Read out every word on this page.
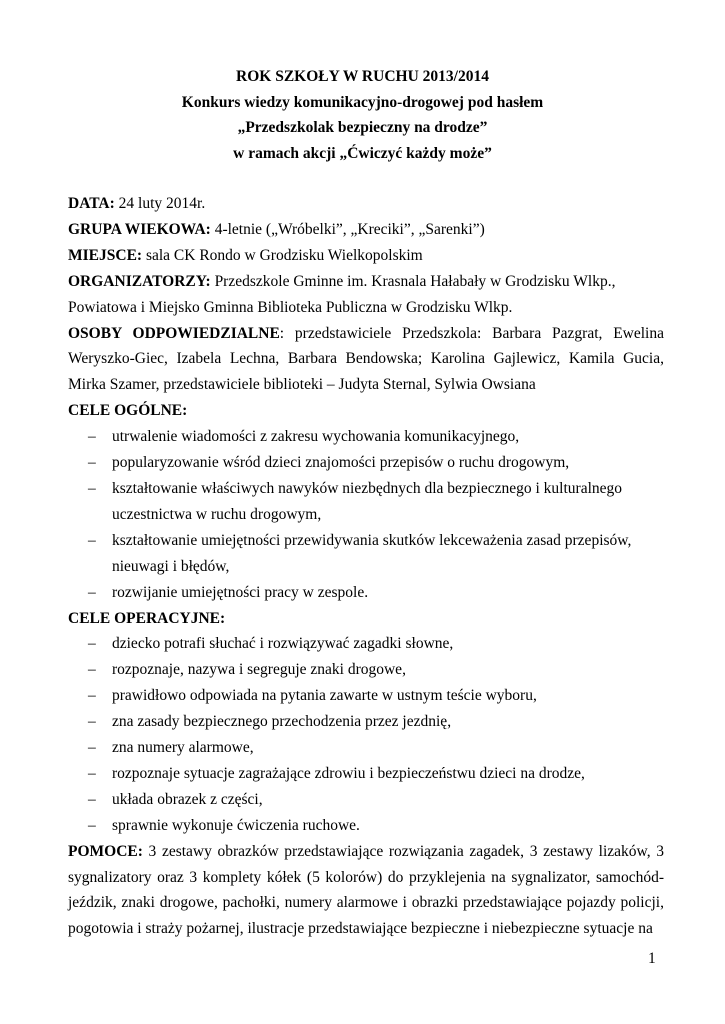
ROK SZKOŁY W RUCHU 2013/2014
Konkurs wiedzy komunikacyjno-drogowej pod hasłem
„Przedszkolak bezpieczny na drodze”
w ramach akcji „Ćwiczyć każdy może”

DATA: 24 luty 2014r.

GRUPA WIEKOWA: 4-letnie („Wróbelki”, „Kreciki”, „Sarenki”)

MIEJSCE: sala CK Rondo w Grodzisku Wielkopolskim

ORGANIZATORZY: Przedszkole Gminne im. Krasnala Hałabały w Grodzisku Wlkp.,

Powiatowa i Miejsko Gminna Biblioteka Publiczna w Grodzisku Wlkp.

OSOBY ODPOWIEDZIALNE: przedstawiciele Przedszkola: Barbara Pazgrat, Ewelina Weryszko-Giec, Izabela Lechna, Barbara Bendowska; Karolina Gajlewicz, Kamila Gucia, Mirka Szamer, przedstawiciele biblioteki – Judyta Sternal, Sylwia Owsiana

CELE OGÓLNE:

– utrwalenie wiadomości z zakresu wychowania komunikacyjnego,
– popularyzowanie wśród dzieci znajomości przepisów o ruchu drogowym,
– kształtowanie właściwych nawyków niezbędnych dla bezpiecznego i kulturalnego uczestnictwa w ruchu drogowym,
– kształtowanie umiejętności przewidywania skutków lekceważenia zasad przepisów, nieuwagi i błędów,
– rozwijanie umiejętności pracy w zespole.

CELE OPERACYJNE:

– dziecko potrafi słuchać i rozwiązywać zagadki słowne,
– rozpoznaje, nazywa i segreguje znaki drogowe,
– prawidłowo odpowiada na pytania zawarte w ustnym teście wyboru,
– zna zasady bezpiecznego przechodzenia przez jezdnię,
– zna numery alarmowe,
– rozpoznaje sytuacje zagrażające zdrowiu i bezpieczeństwu dzieci na drodze,
– układa obrazek z części,
– sprawnie wykonuje ćwiczenia ruchowe.

POMOCE: 3 zestawy obrazków przedstawiające rozwiązania zagadek, 3 zestawy lizaków, 3 sygnalizatory oraz 3 komplety kółek (5 kolorów) do przyklejenia na sygnalizator, samochód-jeździk, znaki drogowe, pachołki, numery alarmowe i obrazki przedstawiające pojazdy policji, pogotowia i straży pożarnej, ilustracje przedstawiające bezpieczne i niebezpieczne sytuacje na

1
